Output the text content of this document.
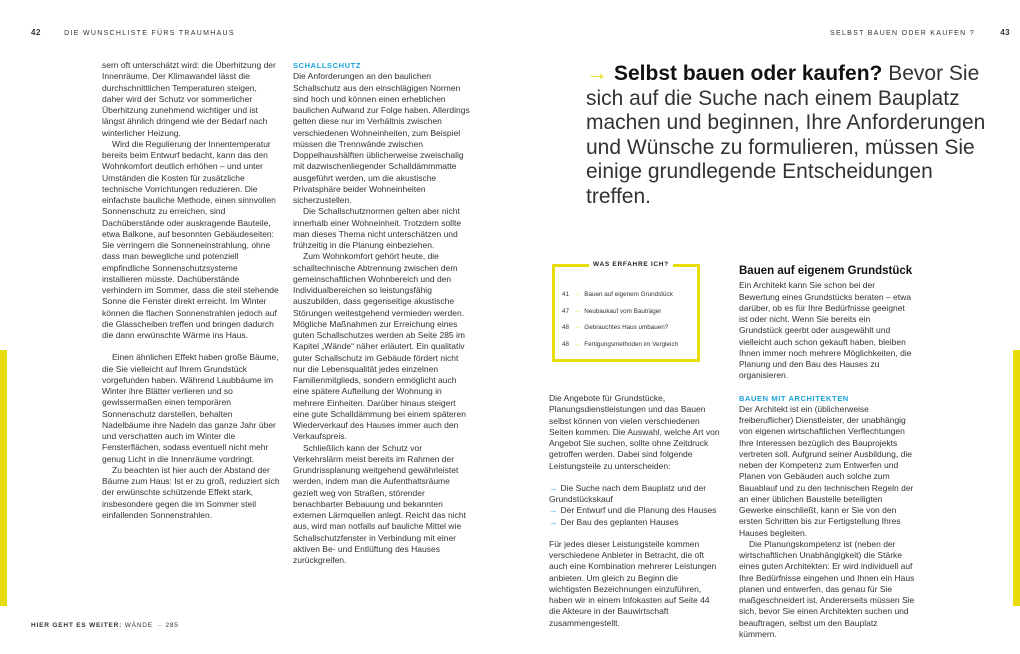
42	DIE WUNSCHLISTE FÜRS TRAUMHAUS	SELBST BAUEN ODER KAUFEN ?	43

sern oft unterschätzt wird: die Überhitzung der Innenräume. Der Klimawandel lässt die durchschnittlichen Temperaturen steigen, daher wird der Schutz vor sommerlicher Überhitzung zunehmend wichtiger und ist längst ähnlich dringend wie der Bedarf nach winterlicher Heizung.

Wird die Regulierung der Innentemperatur bereits beim Entwurf bedacht, kann das den Wohnkomfort deutlich erhöhen – und unter Umständen die Kosten für zusätzliche technische Vorrichtungen reduzieren. Die einfachste bauliche Methode, einen sinnvollen Sonnenschutz zu erreichen, sind Dachüberstände oder auskragende Bauteile, etwa Balkone, auf besonnten Gebäudeseiten: Sie verringern die Sonneneinstrahlung, ohne dass man bewegliche und potenziell empfindliche Sonnenschutzsysteme installieren müsste. Dachüberstände verhindern im Sommer, dass die steil stehende Sonne die Fenster direkt erreicht. Im Winter können die flachen Sonnenstrahlen jedoch auf die Glasscheiben treffen und bringen dadurch die dann erwünschte Wärme ins Haus.

Einen ähnlichen Effekt haben große Bäume, die Sie vielleicht auf Ihrem Grundstück vorgefunden haben. Während Laubbäume im Winter ihre Blätter verlieren und so gewissermaßen einen temporären Sonnenschutz darstellen, behalten Nadelbäume ihre Nadeln das ganze Jahr über und verschatten auch im Winter die Fensterflächen, sodass eventuell nicht mehr genug Licht in die Innenräume vordringt.

Zu beachten ist hier auch der Abstand der Bäume zum Haus: Ist er zu groß, reduziert sich der erwünschte schützende Effekt stark, insbesondere gegen die im Sommer steil einfallenden Sonnenstrahlen.

SCHALLSCHUTZ

Die Anforderungen an den baulichen Schallschutz aus den einschlägigen Normen sind hoch und können einen erheblichen baulichen Aufwand zur Folge haben. Allerdings gelten diese nur im Verhältnis zwischen verschiedenen Wohneinheiten, zum Beispiel müssen die Trennwände zwischen Doppelhaushälften üblicherweise zweischalig mit dazwischenliegender Schalldämmmatte ausgeführt werden, um die akustische Privatsphäre beider Wohneinheiten sicherzustellen.

Die Schallschutznormen gelten aber nicht innerhalb einer Wohneinheit. Trotzdem sollte man dieses Thema nicht unterschätzen und frühzeitig in die Planung einbeziehen.

Zum Wohnkomfort gehört heute, die schalltechnische Abtrennung zwischen dem gemeinschaftlichen Wohnbereich und den Individualbereichen so leistungsfähig auszubilden, dass gegenseitige akustische Störungen weitestgehend vermieden werden. Mögliche Maßnahmen zur Erreichung eines guten Schallschutzes werden ab Seite 285 im Kapitel „Wände“ näher erläutert. Ein qualitativ guter Schallschutz im Gebäude fördert nicht nur die Lebensqualität jedes einzelnen Familienmitglieds, sondern ermöglicht auch eine spätere Aufteilung der Wohnung in mehrere Einheiten. Darüber hinaus steigert eine gute Schalldämmung bei einem späteren Wiederverkauf des Hauses immer auch den Verkaufspreis.

Schließlich kann der Schutz vor Verkehrslärm meist bereits im Rahmen der Grundrissplanung weitgehend gewährleistet werden, indem man die Aufenthaltsräume gezielt weg von Straßen, störender benachbarter Bebauung und bekannten externen Lärmquellen anlegt. Reicht das nicht aus, wird man notfalls auf bauliche Mittel wie Schallschutzfenster in Verbindung mit einer aktiven Be- und Entlüftung des Hauses zurückgreifen.

→ Selbst bauen oder kaufen? Bevor Sie sich auf die Suche nach einem Bauplatz machen und beginnen, Ihre Anforderungen und Wünsche zu formulieren, müssen Sie einige grundlegende Entscheidungen treffen.
WAS ERFAHRE ICH?
41 → Bauen auf eigenem Grundstück
47 → Neubaukauf vom Bauträger
48 → Gebrauchtes Haus umbauen?
48 → Fertigungsmethoden im Vergleich

Die Angebote für Grundstücke, Planungsdienstleistungen und das Bauen selbst können von vielen verschiedenen Seiten kommen. Die Auswahl, welche Art von Angebot Sie suchen, sollte ohne Zeitdruck getroffen werden. Dabei sind folgende Leistungsteile zu unterscheiden:

→ Die Suche nach dem Bauplatz und der Grundstückskauf

→ Der Entwurf und die Planung des Hauses

→ Der Bau des geplanten Hauses

Für jedes dieser Leistungsteile kommen verschiedene Anbieter in Betracht, die oft auch eine Kombination mehrerer Leistungen anbieten. Um gleich zu Beginn die wichtigsten Bezeichnungen einzuführen, haben wir in einem Infokasten auf Seite 44 die Akteure in der Bauwirtschaft zusammengestellt.

Bauen auf eigenem Grundstück

Ein Architekt kann Sie schon bei der Bewertung eines Grundstücks beraten – etwa darüber, ob es für Ihre Bedürfnisse geeignet ist oder nicht. Wenn Sie bereits ein Grundstück geerbt oder ausgewählt und vielleicht auch schon gekauft haben, bleiben Ihnen immer noch mehrere Möglichkeiten, die Planung und den Bau des Hauses zu organisieren.

BAUEN MIT ARCHITEKTEN

Der Architekt ist ein (üblicherweise freiberuflicher) Dienstleister, der unabhängig von eigenen wirtschaftlichen Verflechtungen Ihre Interessen bezüglich des Bauprojekts vertreten soll. Aufgrund seiner Ausbildung, die neben der Kompetenz zum Entwerfen und Planen von Gebäuden auch solche zum Bauablauf und zu den technischen Regeln der an einer üblichen Baustelle beteiligten Gewerke einschließt, kann er Sie von den ersten Schritten bis zur Fertigstellung Ihres Hauses begleiten.

Die Planungskompetenz ist (neben der wirtschaftlichen Unabhängigkeit) die Stärke eines guten Architekten: Er wird individuell auf Ihre Bedürfnisse eingehen und Ihnen ein Haus planen und entwerfen, das genau für Sie maßgeschneidert ist. Andererseits müssen Sie sich, bevor Sie einen Architekten suchen und beauftragen, selbst um den Bauplatz kümmern.

HIER GEHT ES WEITER: WÄNDE → 285
